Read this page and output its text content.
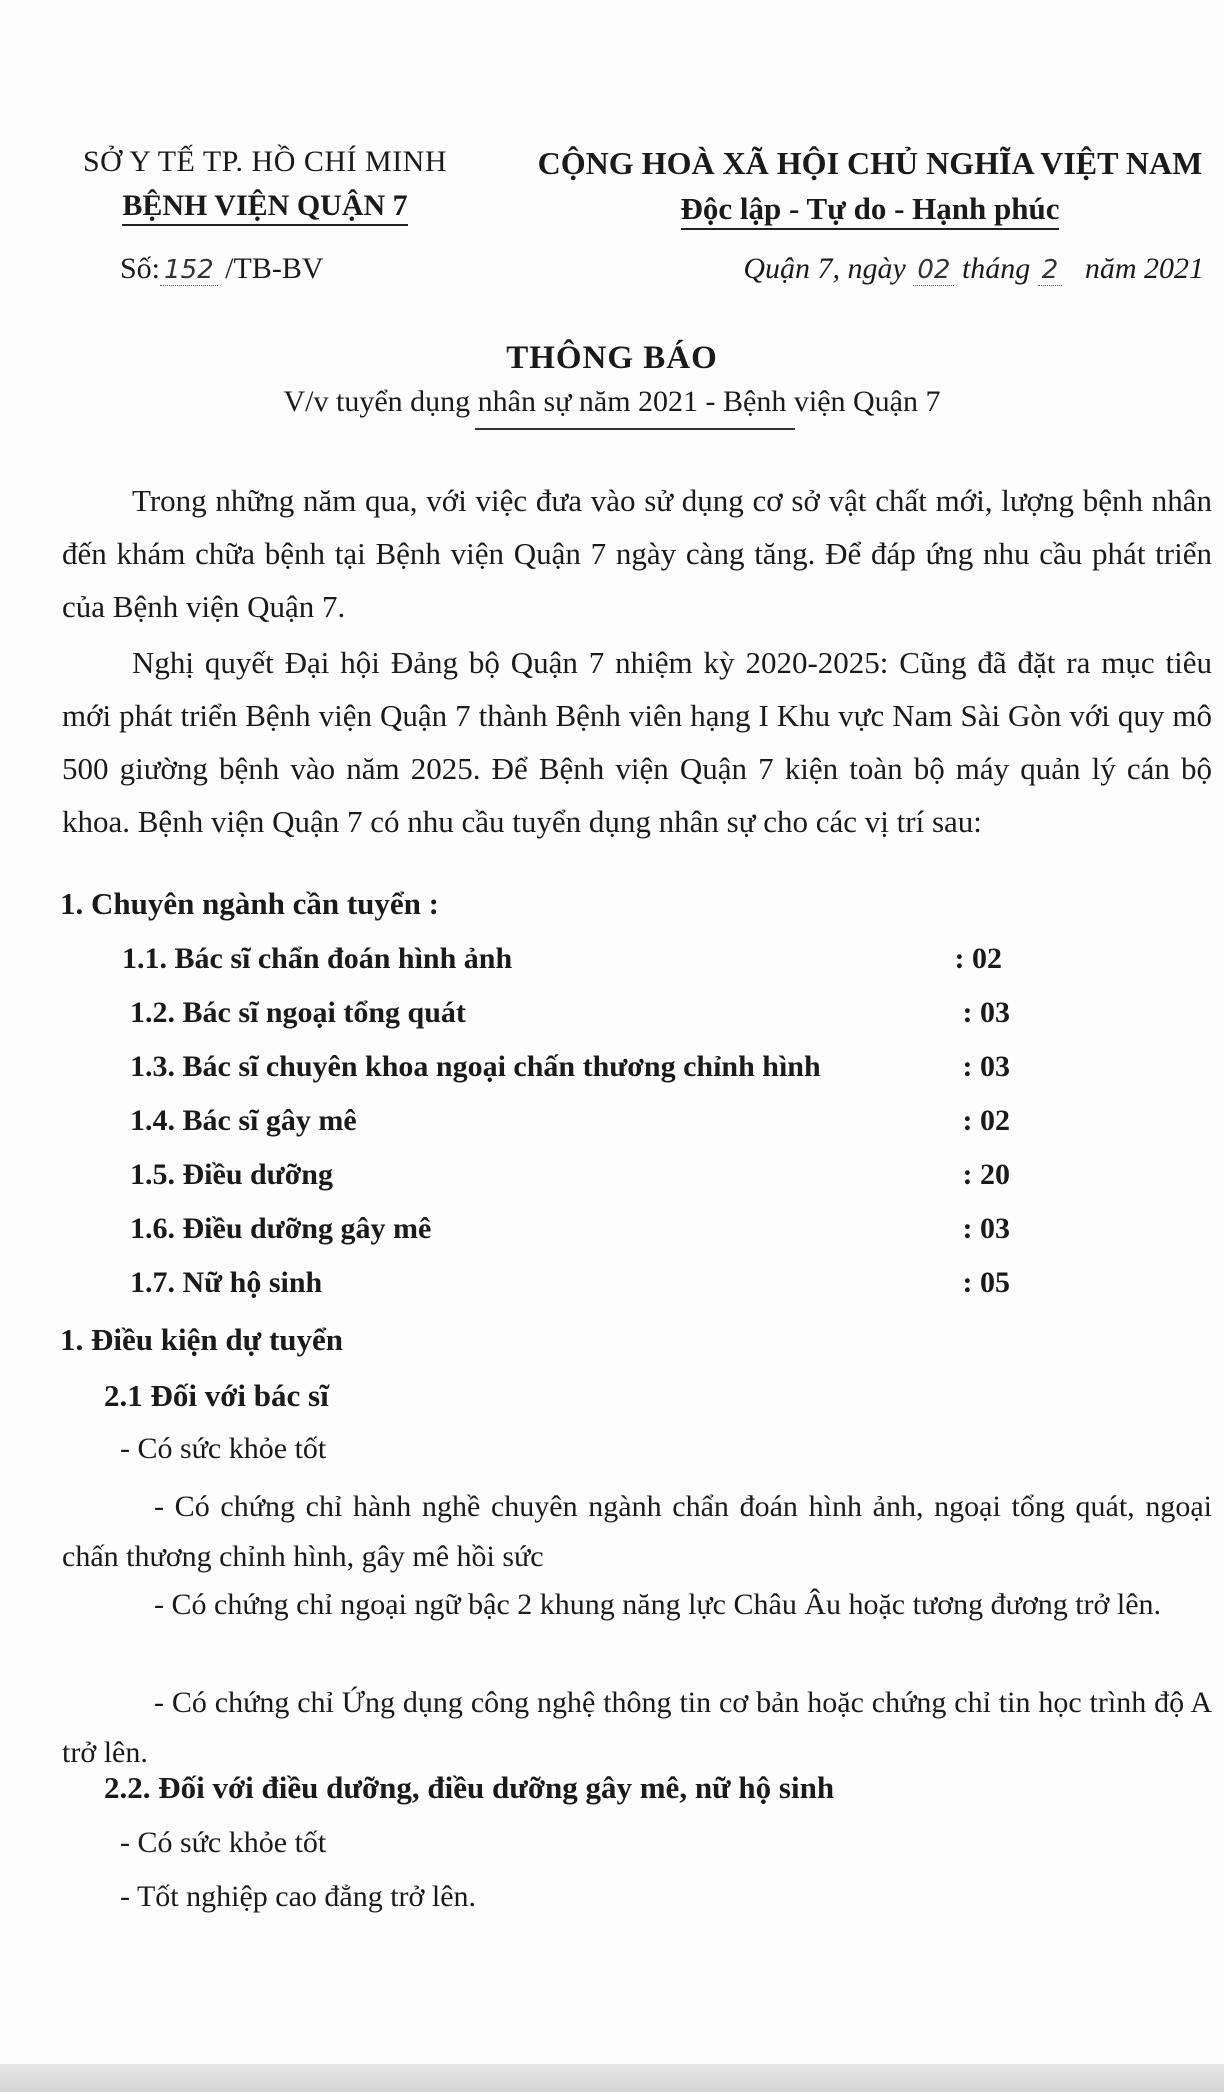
SỞ Y TẾ TP. HỒ CHÍ MINH
BỆNH VIỆN QUẬN 7
CỘNG HOÀ XÃ HỘI CHỦ NGHĨA VIỆT NAM
Độc lập - Tự do - Hạnh phúc
Số: 152 /TB-BV	Quận 7, ngày 02 tháng 2 năm 2021
THÔNG BÁO
V/v tuyển dụng nhân sự năm 2021 - Bệnh viện Quận 7
Trong những năm qua, với việc đưa vào sử dụng cơ sở vật chất mới, lượng bệnh nhân đến khám chữa bệnh tại Bệnh viện Quận 7 ngày càng tăng. Để đáp ứng nhu cầu phát triển của Bệnh viện Quận 7.
Nghị quyết Đại hội Đảng bộ Quận 7 nhiệm kỳ 2020-2025: Cũng đã đặt ra mục tiêu mới phát triển Bệnh viện Quận 7 thành Bệnh viên hạng I Khu vực Nam Sài Gòn với quy mô 500 giường bệnh vào năm 2025. Để Bệnh viện Quận 7 kiện toàn bộ máy quản lý cán bộ khoa. Bệnh viện Quận 7 có nhu cầu tuyển dụng nhân sự cho các vị trí sau:
1. Chuyên ngành cần tuyển :
1.1. Bác sĩ chẩn đoán hình ảnh	: 02
1.2. Bác sĩ ngoại tổng quát	: 03
1.3. Bác sĩ chuyên khoa ngoại chấn thương chỉnh hình	: 03
1.4. Bác sĩ gây mê	: 02
1.5. Điều dưỡng	: 20
1.6. Điều dưỡng gây mê	: 03
1.7. Nữ hộ sinh	: 05
1. Điều kiện dự tuyển
2.1 Đối với bác sĩ
- Có sức khỏe tốt
- Có chứng chỉ hành nghề chuyên ngành chẩn đoán hình ảnh, ngoại tổng quát, ngoại chấn thương chỉnh hình, gây mê hồi sức
- Có chứng chỉ ngoại ngữ bậc 2 khung năng lực Châu Âu hoặc tương đương trở lên.
- Có chứng chỉ Ứng dụng công nghệ thông tin cơ bản hoặc chứng chỉ tin học trình độ A trở lên.
2.2. Đối với điều dưỡng, điều dưỡng gây mê, nữ hộ sinh
- Có sức khỏe tốt
- Tốt nghiệp cao đẳng trở lên.
